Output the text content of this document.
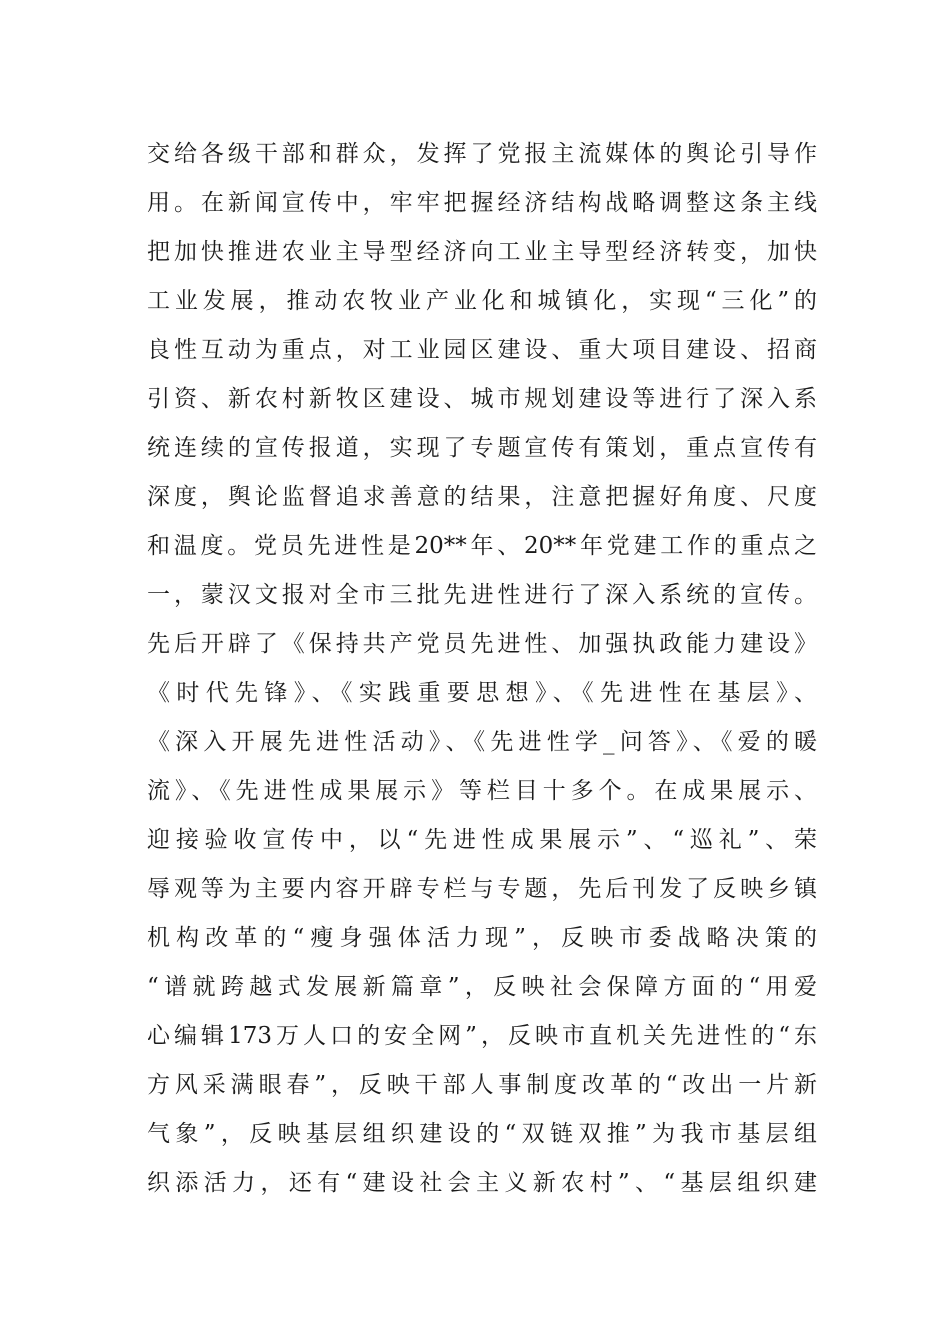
交给各级干部和群众，发挥了党报主流媒体的舆论引导作
用。在新闻宣传中，牢牢把握经济结构战略调整这条主线
把加快推进农业主导型经济向工业主导型经济转变，加快
工业发展，推动农牧业产业化和城镇化，实现“三化”的
良性互动为重点，对工业园区建设、重大项目建设、招商
引资、新农村新牧区建设、城市规划建设等进行了深入系
统连续的宣传报道，实现了专题宣传有策划，重点宣传有
深度，舆论监督追求善意的结果，注意把握好角度、尺度
和温度。党员先进性是20**年、20**年党建工作的重点之
一，蒙汉文报对全市三批先进性进行了深入系统的宣传。
先后开辟了《保持共产党员先进性、加强执政能力建设》
《时代先锋》、《实践重要思想》、《先进性在基层》、
《深入开展先进性活动》、《先进性学_问答》、《爱的暖
流》、《先进性成果展示》等栏目十多个。在成果展示、
迎接验收宣传中，以“先进性成果展示”、“巡礼”、荣
辱观等为主要内容开辟专栏与专题，先后刊发了反映乡镇
机构改革的“瘦身强体活力现”，反映市委战略决策的
“谱就跨越式发展新篇章”，反映社会保障方面的“用爱
心编辑173万人口的安全网”，反映市直机关先进性的“东
方风采满眼春”，反映干部人事制度改革的“改出一片新
气象”，反映基层组织建设的“双链双推”为我市基层组
织添活力，还有“建设社会主义新农村”、“基层组织建
